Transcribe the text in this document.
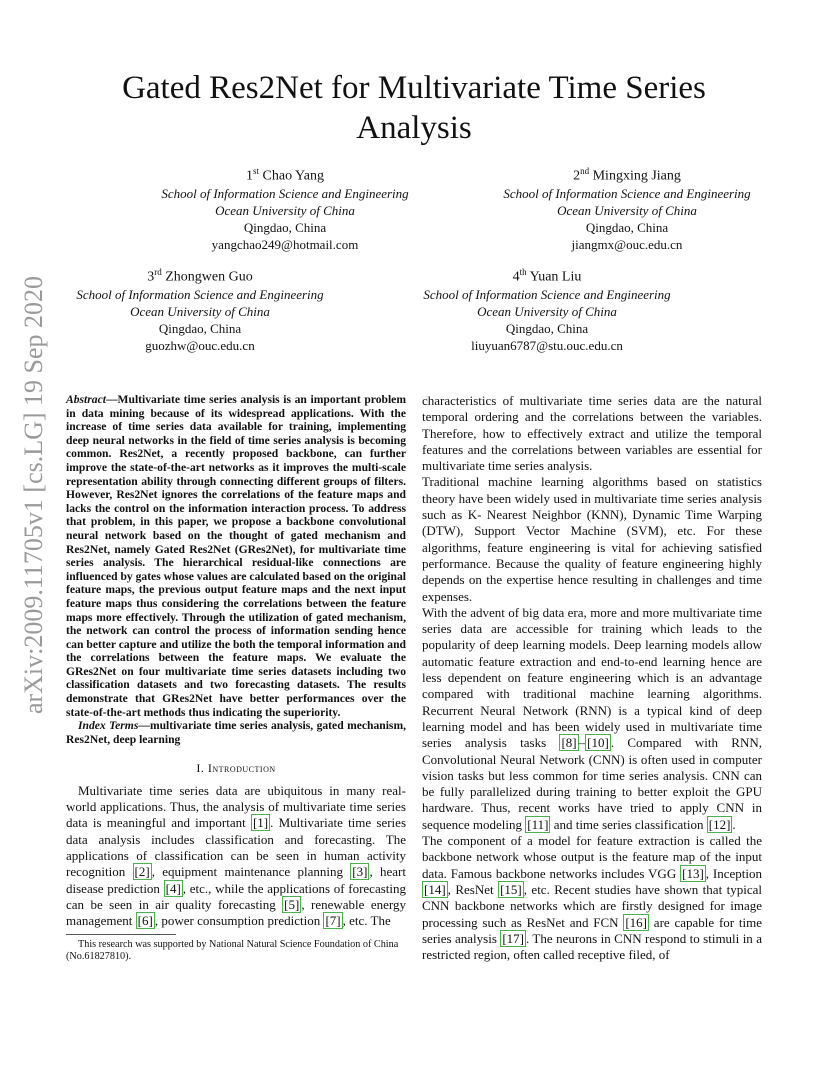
Gated Res2Net for Multivariate Time Series
Analysis
arXiv:2009.11705v1 [cs.LG] 19 Sep 2020
1st Chao Yang
School of Information Science and Engineering
Ocean University of China
Qingdao, China
yangchao249@hotmail.com
2nd Mingxing Jiang
School of Information Science and Engineering
Ocean University of China
Qingdao, China
jiangmx@ouc.edu.cn
3rd Zhongwen Guo
School of Information Science and Engineering
Ocean University of China
Qingdao, China
guozhw@ouc.edu.cn
4th Yuan Liu
School of Information Science and Engineering
Ocean University of China
Qingdao, China
liuyuan6787@stu.ouc.edu.cn

Abstract—Multivariate time series analysis is an important problem in data mining because of its widespread applications. With the increase of time series data available for training, implementing deep neural networks in the field of time series analysis is becoming common. Res2Net, a recently proposed backbone, can further improve the state-of-the-art networks as it improves the multi-scale representation ability through connecting different groups of filters. However, Res2Net ignores the correlations of the feature maps and lacks the control on the information interaction process. To address that problem, in this paper, we propose a backbone convolutional neural network based on the thought of gated mechanism and Res2Net, namely Gated Res2Net (GRes2Net), for multivariate time series analysis. The hierarchical residual-like connections are influenced by gates whose values are calculated based on the original feature maps, the previous output feature maps and the next input feature maps thus considering the correlations between the feature maps more effectively. Through the utilization of gated mechanism, the network can control the process of information sending hence can better capture and utilize the both the temporal information and the correlations between the feature maps. We evaluate the GRes2Net on four multivariate time series datasets including two classification datasets and two forecasting datasets. The results demonstrate that GRes2Net have better performances over the state-of-the-art methods thus indicating the superiority.

Index Terms—multivariate time series analysis, gated mechanism, Res2Net, deep learning

I. Introduction

Multivariate time series data are ubiquitous in many real-world applications. Thus, the analysis of multivariate time series data is meaningful and important [1] . Multivariate time series data analysis includes classification and forecasting. The applications of classification can be seen in human activity recognition [2] , equipment maintenance planning [3] , heart disease prediction [4] , etc., while the applications of forecasting can be seen in air quality forecasting [5] , renewable energy management [6] , power consumption prediction [7] , etc. The

This research was supported by National Natural Science Foundation of China (No.61827810).

characteristics of multivariate time series data are the natural temporal ordering and the correlations between the variables. Therefore, how to effectively extract and utilize the temporal features and the correlations between variables are essential for multivariate time series analysis.

Traditional machine learning algorithms based on statistics theory have been widely used in multivariate time series analysis such as K- Nearest Neighbor (KNN), Dynamic Time Warping (DTW), Support Vector Machine (SVM), etc. For these algorithms, feature engineering is vital for achieving satisfied performance. Because the quality of feature engineering highly depends on the expertise hence resulting in challenges and time expenses.

With the advent of big data era, more and more multivariate time series data are accessible for training which leads to the popularity of deep learning models. Deep learning models allow automatic feature extraction and end-to-end learning hence are less dependent on feature engineering which is an advantage compared with traditional machine learning algorithms. Recurrent Neural Network (RNN) is a typical kind of deep learning model and has been widely used in multivariate time series analysis tasks [8] – [10] . Compared with RNN, Convolutional Neural Network (CNN) is often used in computer vision tasks but less common for time series analysis. CNN can be fully parallelized during training to better exploit the GPU hardware. Thus, recent works have tried to apply CNN in sequence modeling [11] and time series classification [12] .

The component of a model for feature extraction is called the backbone network whose output is the feature map of the input data. Famous backbone networks includes VGG [13] , Inception [14] , ResNet [15] , etc. Recent studies have shown that typical CNN backbone networks which are firstly designed for image processing such as ResNet and FCN [16] are capable for time series analysis [17] . The neurons in CNN respond to stimuli in a restricted region, often called receptive filed, of
